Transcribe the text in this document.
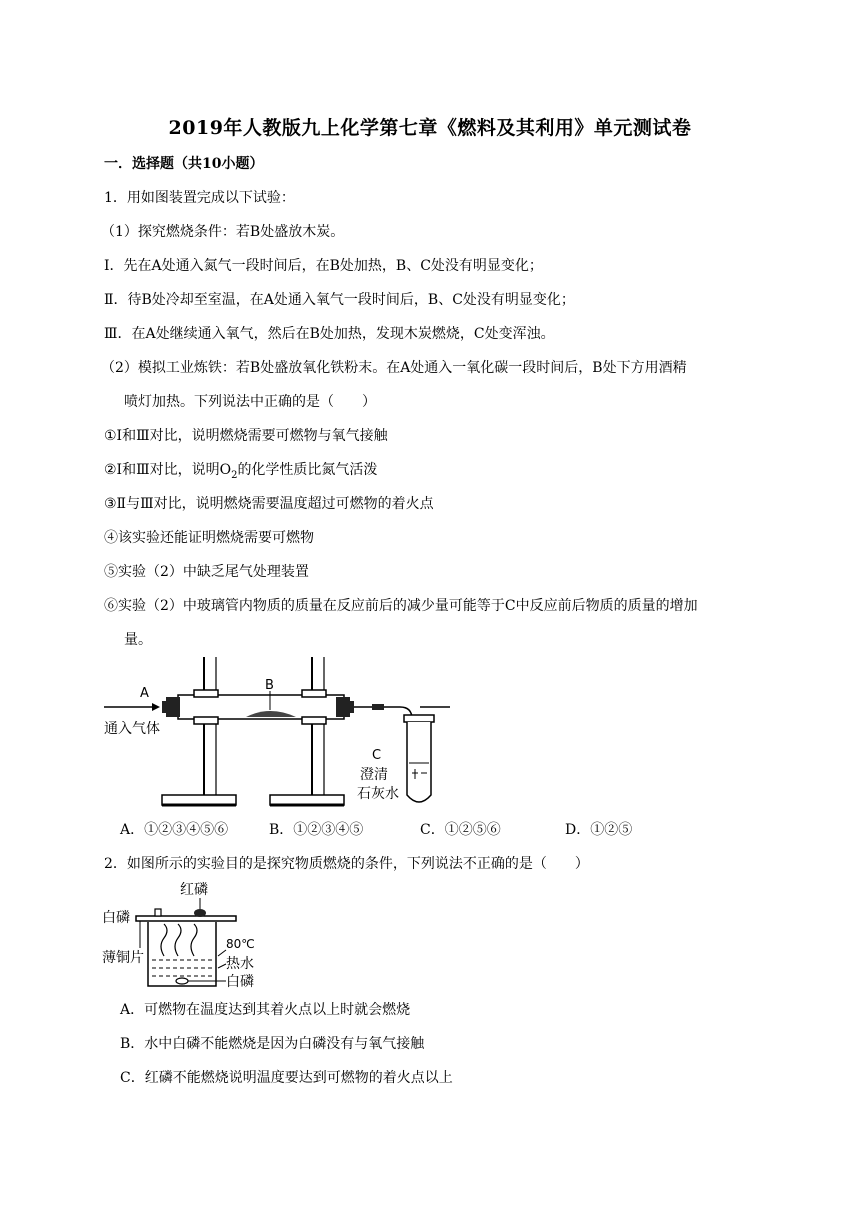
2019年人教版九上化学第七章《燃料及其利用》单元测试卷
一．选择题（共10小题）
1．用如图装置完成以下试验：
（1）探究燃烧条件：若B处盛放木炭。
Ⅰ．先在A处通入氮气一段时间后，在B处加热，B、C处没有明显变化；
Ⅱ．待B处冷却至室温，在A处通入氧气一段时间后，B、C处没有明显变化；
Ⅲ．在A处继续通入氧气，然后在B处加热，发现木炭燃烧，C处变浑浊。
（2）模拟工业炼铁：若B处盛放氧化铁粉末。在A处通入一氧化碳一段时间后，B处下方用酒精
喷灯加热。下列说法中正确的是（　　）
①Ⅰ和Ⅲ对比，说明燃烧需要可燃物与氧气接触
②Ⅰ和Ⅲ对比，说明$O_2$的化学性质比氮气活泼
③Ⅱ与Ⅲ对比，说明燃烧需要温度超过可燃物的着火点
④该实验还能证明燃烧需要可燃物
⑤实验（2）中缺乏尾气处理装置
⑥实验（2）中玻璃管内物质的质量在反应前后的减少量可能等于C中反应前后物质的质量的增加
量。
A
B
C
通入气体
澄清
石灰水
A．①②③④⑤⑥	B．①②③④⑤	C．①②⑤⑥	D．①②⑤
2．如图所示的实验目的是探究物质燃烧的条件，下列说法不正确的是（　　）
红磷
白磷
薄铜片
80℃
热水
白磷
A．可燃物在温度达到其着火点以上时就会燃烧
B．水中白磷不能燃烧是因为白磷没有与氧气接触
C．红磷不能燃烧说明温度要达到可燃物的着火点以上
